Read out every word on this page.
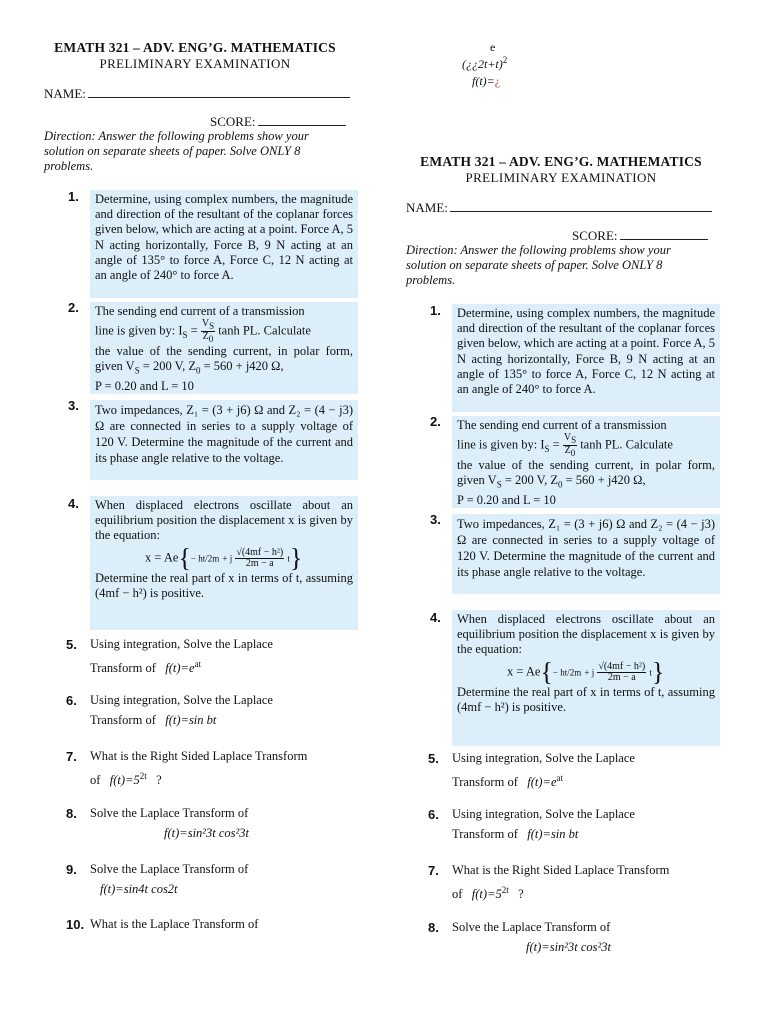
EMATH 321 – ADV. ENG’G. MATHEMATICS
PRELIMINARY EXAMINATION
NAME:
SCORE:
Direction: Answer the following problems show your solution on separate sheets of paper. Solve ONLY 8 problems.
1.	Determine, using complex numbers, the magnitude and direction of the resultant of the coplanar forces given below, which are acting at a point. Force A, 5 N acting horizontally, Force B, 9 N acting at an angle of 135° to force A, Force C, 12 N acting at an angle of 240° to force A.
2. The sending end current of a transmission
line is given by: $I_S = \frac{V_S}{Z_0}$ tanh PL. Calculate
the value of the sending current, in polar form, given $V_S = 200$ V, $Z_0 = 560 + j420$ Ω,
P = 0.20 and L = 10
3.	Two impedances, Z₁ = (3 + j6) Ω and Z₂ = (4 − j3) Ω are connected in series to a supply voltage of 120 V. Determine the magnitude of the current and its phase angle relative to the voltage.
4. When displaced electrons oscillate about an equilibrium position the displacement x is given by the equation:
x = Ae{− ht/2m + j $\frac{\text{√(4mf − h²)}}{2m - a} t$}
Determine the real part of x in terms of t, assuming (4mf − h²) is positive.
5. Using integration, Solve the Laplace
Transform of $f(t)=e^{at}$
6. Using integration, Solve the Laplace
Transform of f(t)=sin bt
7. What is the Right Sided Laplace Transform
of $f(t)=5^{2t}$ ?
8. Solve the Laplace Transform of
f(t)=sin²3t cos²3t
9. Solve the Laplace Transform of
f(t)=sin4t cos2t
10. What is the Laplace Transform of
e
(¿¿2t+t)$^2$
f(t)=¿
EMATH 321 – ADV. ENG’G. MATHEMATICS
PRELIMINARY EXAMINATION
NAME:
SCORE:
Direction: Answer the following problems show your solution on separate sheets of paper. Solve ONLY 8 problems.
1.	Determine, using complex numbers, the magnitude and direction of the resultant of the coplanar forces given below, which are acting at a point. Force A, 5 N acting horizontally, Force B, 9 N acting at an angle of 135° to force A, Force C, 12 N acting at an angle of 240° to force A.
2. The sending end current of a transmission
line is given by: $I_S = \frac{V_S}{Z_0}$ tanh PL. Calculate
the value of the sending current, in polar form, given $V_S = 200$ V, $Z_0 = 560 + j420$ Ω,
P = 0.20 and L = 10
3.	Two impedances, Z₁ = (3 + j6) Ω and Z₂ = (4 − j3) Ω are connected in series to a supply voltage of 120 V. Determine the magnitude of the current and its phase angle relative to the voltage.
4. When displaced electrons oscillate about an equilibrium position the displacement x is given by the equation:
x = Ae{− ht/2m + j $\frac{\text{√(4mf − h²)}}{2m - a} t$}
Determine the real part of x in terms of t, assuming (4mf − h²) is positive.
5. Using integration, Solve the Laplace
Transform of $f(t)=e^{at}$
6. Using integration, Solve the Laplace
Transform of f(t)=sin bt
7. What is the Right Sided Laplace Transform
of $f(t)=5^{2t}$ ?
8. Solve the Laplace Transform of
f(t)=sin²3t cos²3t
